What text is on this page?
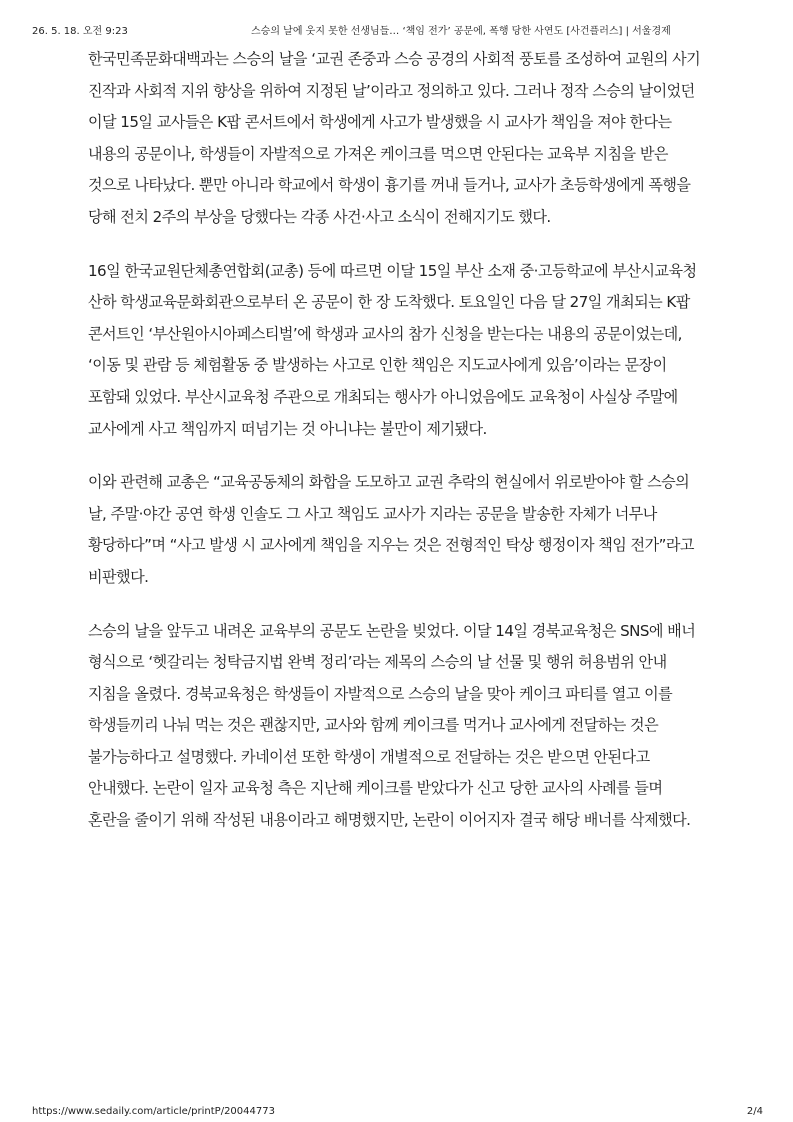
26. 5. 18. 오전 9:23	스승의 날에 웃지 못한 선생님들… ‘책임 전가’ 공문에, 폭행 당한 사연도 [사건플러스] | 서울경제

한국민족문화대백과는 스승의 날을 ‘교권 존중과 스승 공경의 사회적 풍토를 조성하여 교원의 사기 진작과 사회적 지위 향상을 위하여 지정된 날’이라고 정의하고 있다. 그러나 정작 스승의 날이었던 이달 15일 교사들은 K팝 콘서트에서 학생에게 사고가 발생했을 시 교사가 책임을 져야 한다는 내용의 공문이나, 학생들이 자발적으로 가져온 케이크를 먹으면 안된다는 교육부 지침을 받은 것으로 나타났다. 뿐만 아니라 학교에서 학생이 흉기를 꺼내 들거나, 교사가 초등학생에게 폭행을 당해 전치 2주의 부상을 당했다는 각종 사건·사고 소식이 전해지기도 했다.

16일 한국교원단체총연합회(교총) 등에 따르면 이달 15일 부산 소재 중·고등학교에 부산시교육청 산하 학생교육문화회관으로부터 온 공문이 한 장 도착했다. 토요일인 다음 달 27일 개최되는 K팝 콘서트인 ‘부산원아시아페스티벌’에 학생과 교사의 참가 신청을 받는다는 내용의 공문이었는데, ‘이동 및 관람 등 체험활동 중 발생하는 사고로 인한 책임은 지도교사에게 있음’이라는 문장이 포함돼 있었다. 부산시교육청 주관으로 개최되는 행사가 아니었음에도 교육청이 사실상 주말에 교사에게 사고 책임까지 떠넘기는 것 아니냐는 불만이 제기됐다.

이와 관련해 교총은 “교육공동체의 화합을 도모하고 교권 추락의 현실에서 위로받아야 할 스승의 날, 주말·야간 공연 학생 인솔도 그 사고 책임도 교사가 지라는 공문을 발송한 자체가 너무나 황당하다”며 “사고 발생 시 교사에게 책임을 지우는 것은 전형적인 탁상 행정이자 책임 전가”라고 비판했다.

스승의 날을 앞두고 내려온 교육부의 공문도 논란을 빚었다. 이달 14일 경북교육청은 SNS에 배너 형식으로 ‘헷갈리는 청탁금지법 완벽 정리’라는 제목의 스승의 날 선물 및 행위 허용범위 안내 지침을 올렸다. 경북교육청은 학생들이 자발적으로 스승의 날을 맞아 케이크 파티를 열고 이를 학생들끼리 나눠 먹는 것은 괜찮지만, 교사와 함께 케이크를 먹거나 교사에게 전달하는 것은 불가능하다고 설명했다. 카네이션 또한 학생이 개별적으로 전달하는 것은 받으면 안된다고 안내했다. 논란이 일자 교육청 측은 지난해 케이크를 받았다가 신고 당한 교사의 사례를 들며 혼란을 줄이기 위해 작성된 내용이라고 해명했지만, 논란이 이어지자 결국 해당 배너를 삭제했다.

https://www.sedaily.com/article/printP/20044773	2/4
